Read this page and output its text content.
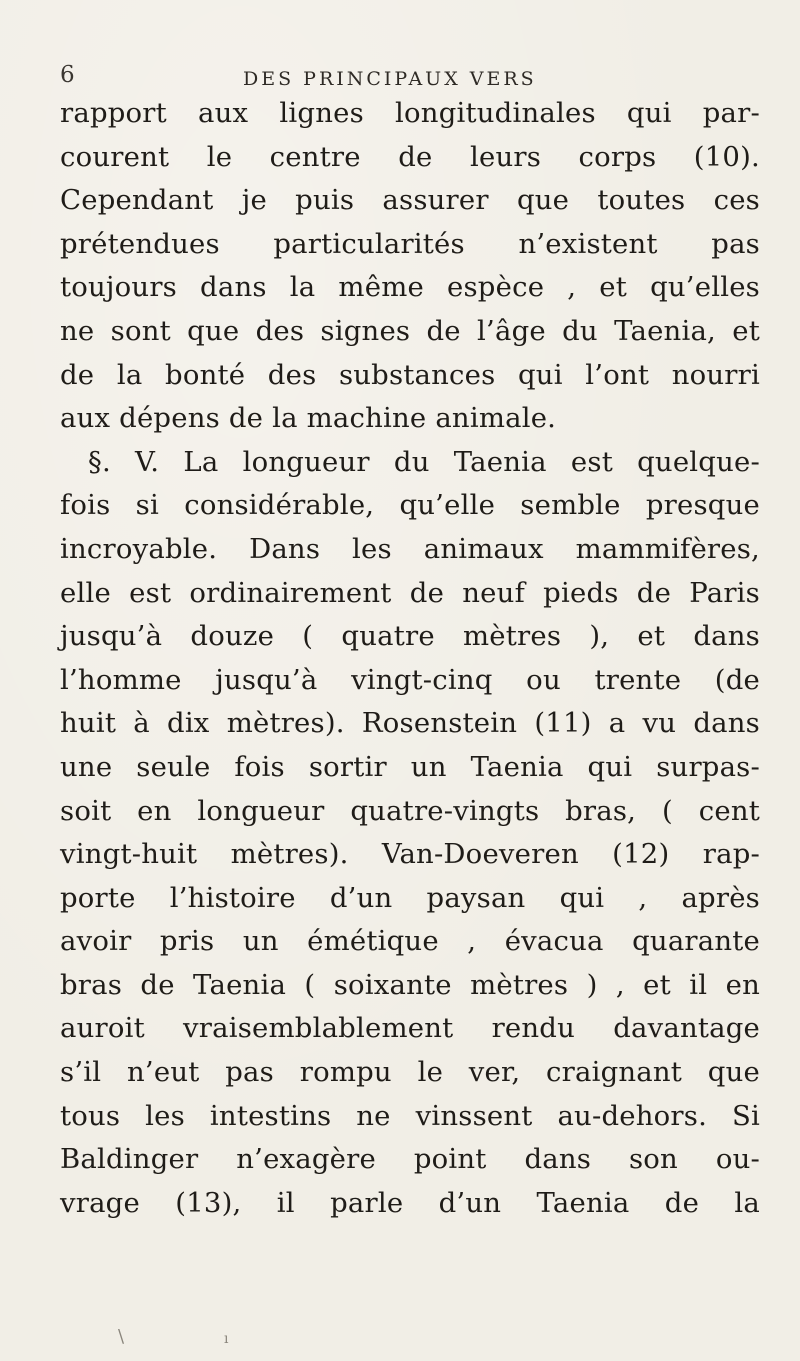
6	DES PRINCIPAUX VERS
rapport aux lignes longitudinales qui par-
courent le centre de leurs corps (10).
Cependant je puis assurer que toutes ces
prétendues particularités n’existent pas
toujours dans la même espèce , et qu’elles
ne sont que des signes de l’âge du Taenia, et
de la bonté des substances qui l’ont nourri
aux dépens de la machine animale.
§. V. La longueur du Taenia est quelque-
fois si considérable, qu’elle semble presque
incroyable. Dans les animaux mammifères,
elle est ordinairement de neuf pieds de Paris
jusqu’à douze ( quatre mètres ), et dans
l’homme jusqu’à vingt-cinq ou trente (de
huit à dix mètres). Rosenstein (11) a vu dans
une seule fois sortir un Taenia qui surpas-
soit en longueur quatre-vingts bras, ( cent
vingt-huit mètres). Van-Doeveren (12) rap-
porte l’histoire d’un paysan qui , après
avoir pris un émétique , évacua quarante
bras de Taenia ( soixante mètres ) , et il en
auroit vraisemblablement rendu davantage
s’il n’eut pas rompu le ver, craignant que
tous les intestins ne vinssent au-dehors. Si
Baldinger n’exagère point dans son ou-
vrage (13), il parle d’un Taenia de la
\	ı
